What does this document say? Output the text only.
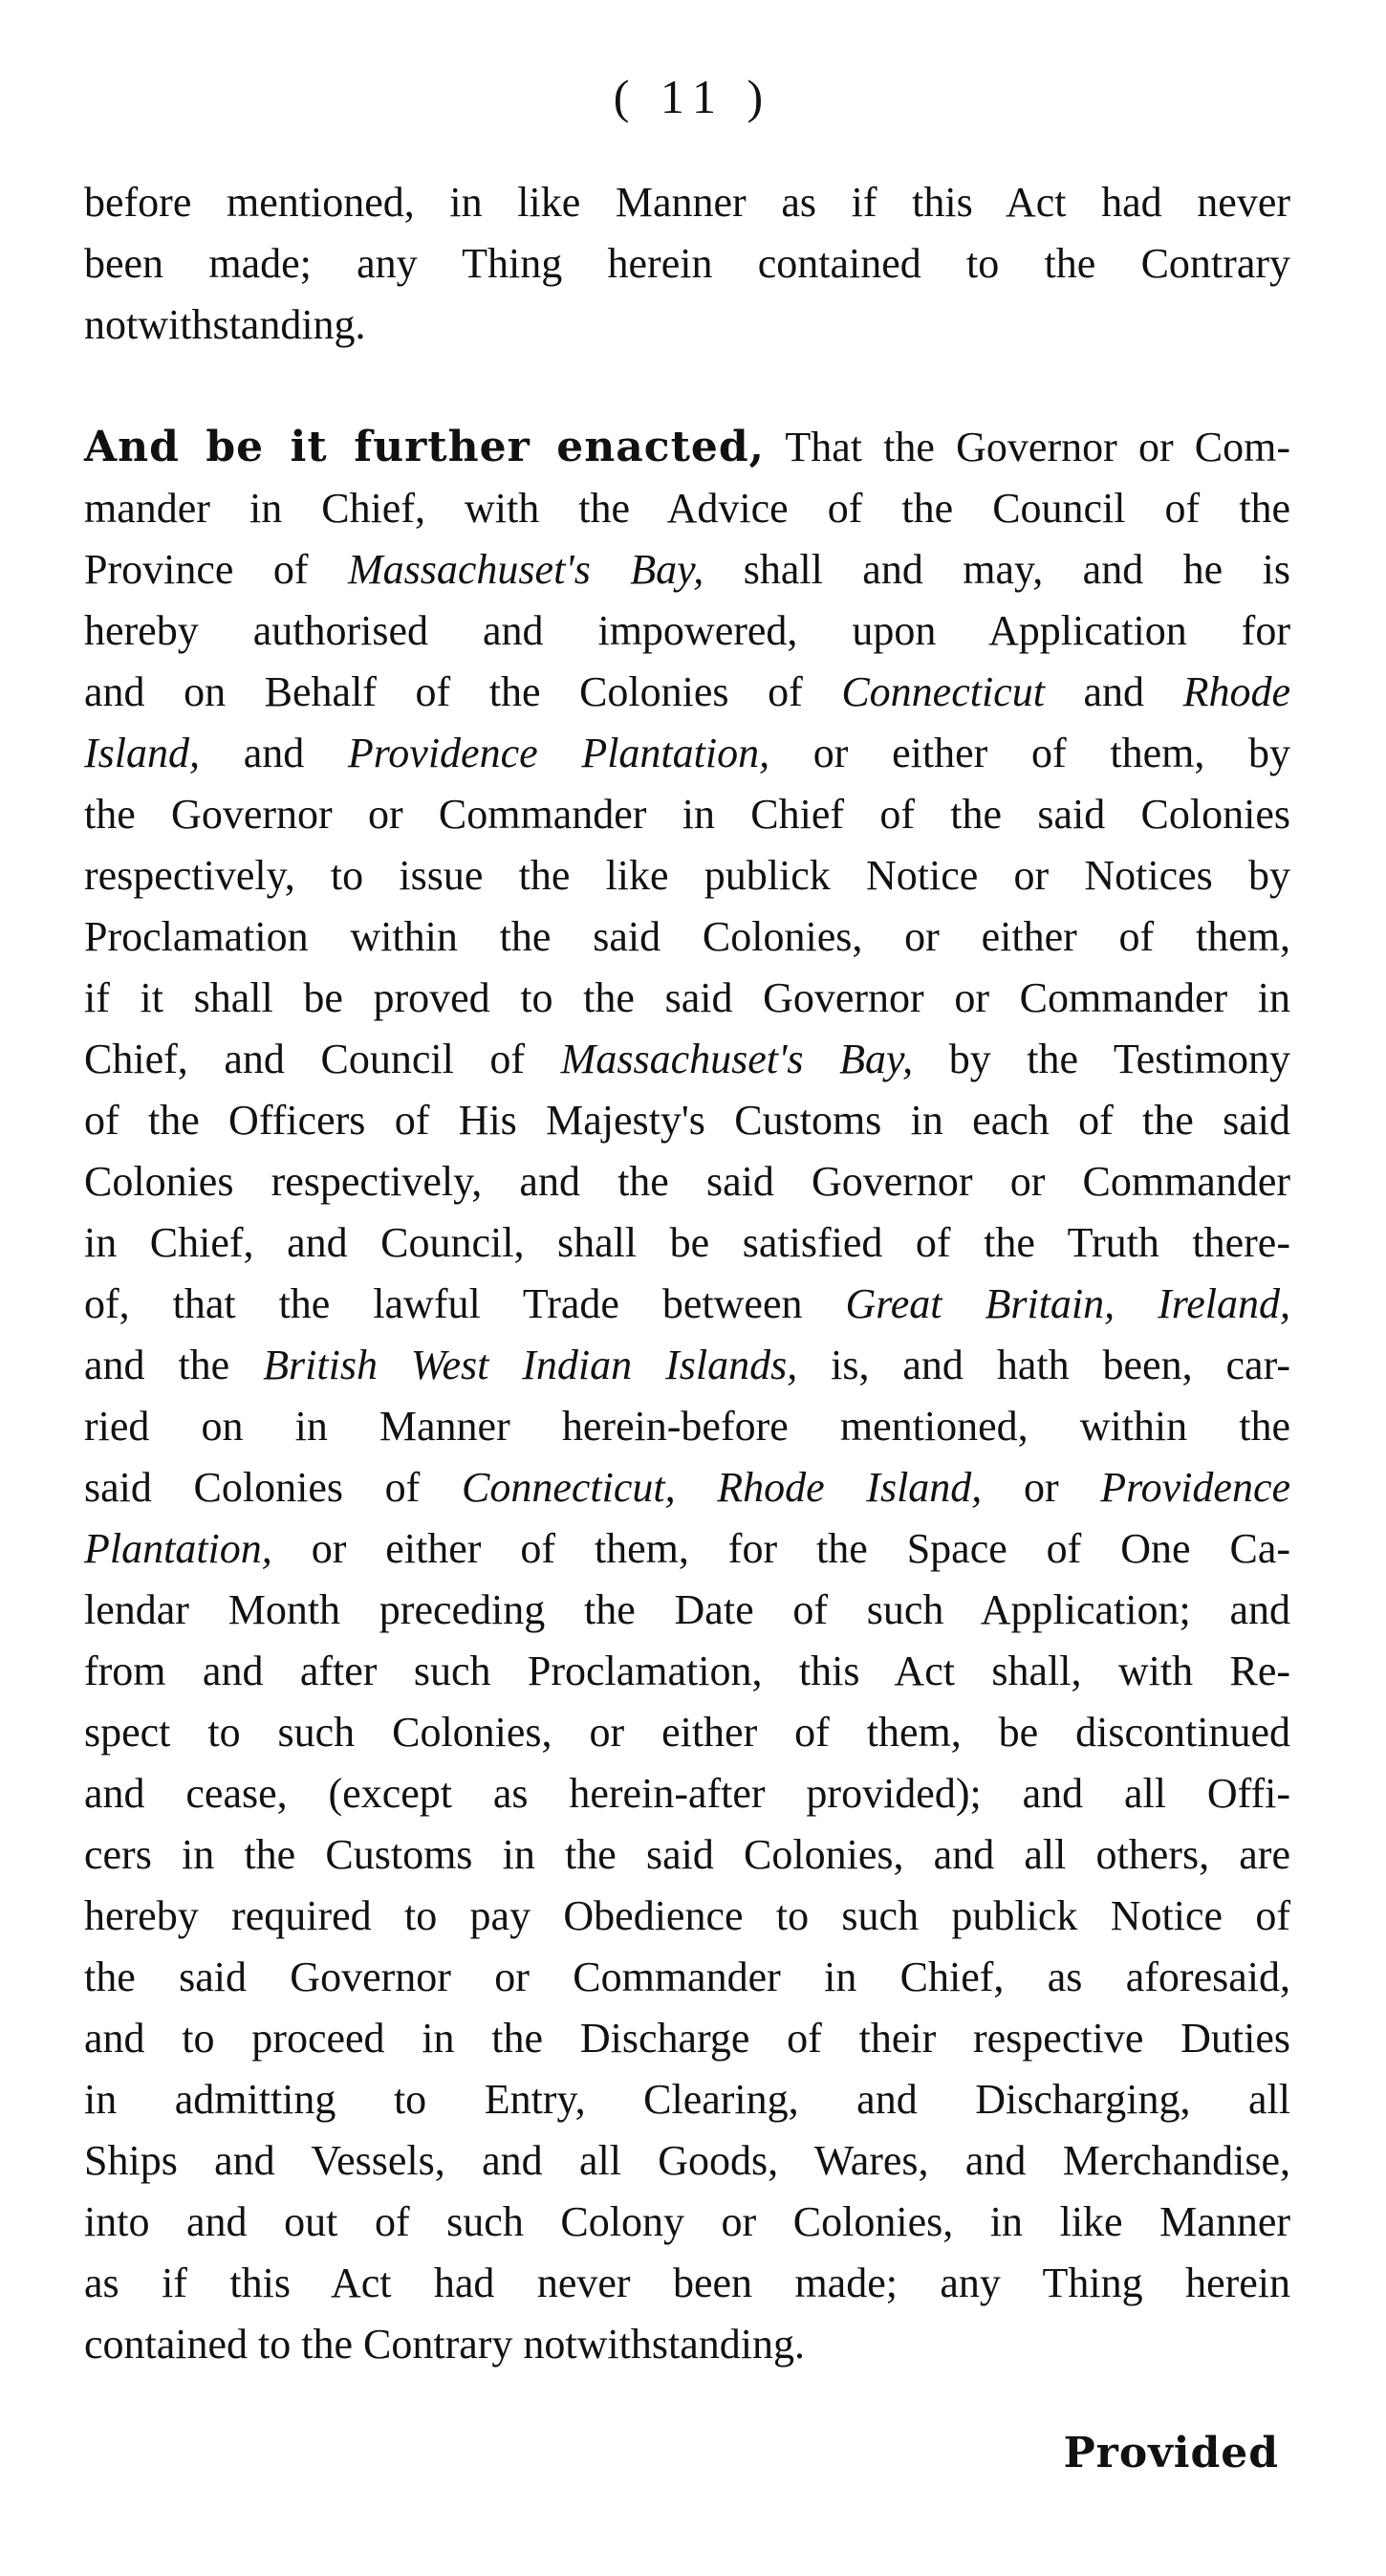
( 11 )
before mentioned, in like Manner as if this Act had never
been made; any Thing herein contained to the Contrary
notwithstanding.
And be it further enacted, That the Governor or Com-
mander in Chief, with the Advice of the Council of the
Province of Massachuset's Bay, shall and may, and he is
hereby authorised and impowered, upon Application for
and on Behalf of the Colonies of Connecticut and Rhode
Island, and Providence Plantation, or either of them, by
the Governor or Commander in Chief of the said Colonies
respectively, to issue the like publick Notice or Notices by
Proclamation within the said Colonies, or either of them,
if it shall be proved to the said Governor or Commander in
Chief, and Council of Massachuset's Bay, by the Testimony
of the Officers of His Majesty's Customs in each of the said
Colonies respectively, and the said Governor or Commander
in Chief, and Council, shall be satisfied of the Truth there-
of, that the lawful Trade between Great Britain, Ireland,
and the British West Indian Islands, is, and hath been, car-
ried on in Manner herein-before mentioned, within the
said Colonies of Connecticut, Rhode Island, or Providence
Plantation, or either of them, for the Space of One Ca-
lendar Month preceding the Date of such Application; and
from and after such Proclamation, this Act shall, with Re-
spect to such Colonies, or either of them, be discontinued
and cease, (except as herein-after provided); and all Offi-
cers in the Customs in the said Colonies, and all others, are
hereby required to pay Obedience to such publick Notice of
the said Governor or Commander in Chief, as aforesaid,
and to proceed in the Discharge of their respective Duties
in admitting to Entry, Clearing, and Discharging, all
Ships and Vessels, and all Goods, Wares, and Merchandise,
into and out of such Colony or Colonies, in like Manner
as if this Act had never been made; any Thing herein
contained to the Contrary notwithstanding.
Provided
